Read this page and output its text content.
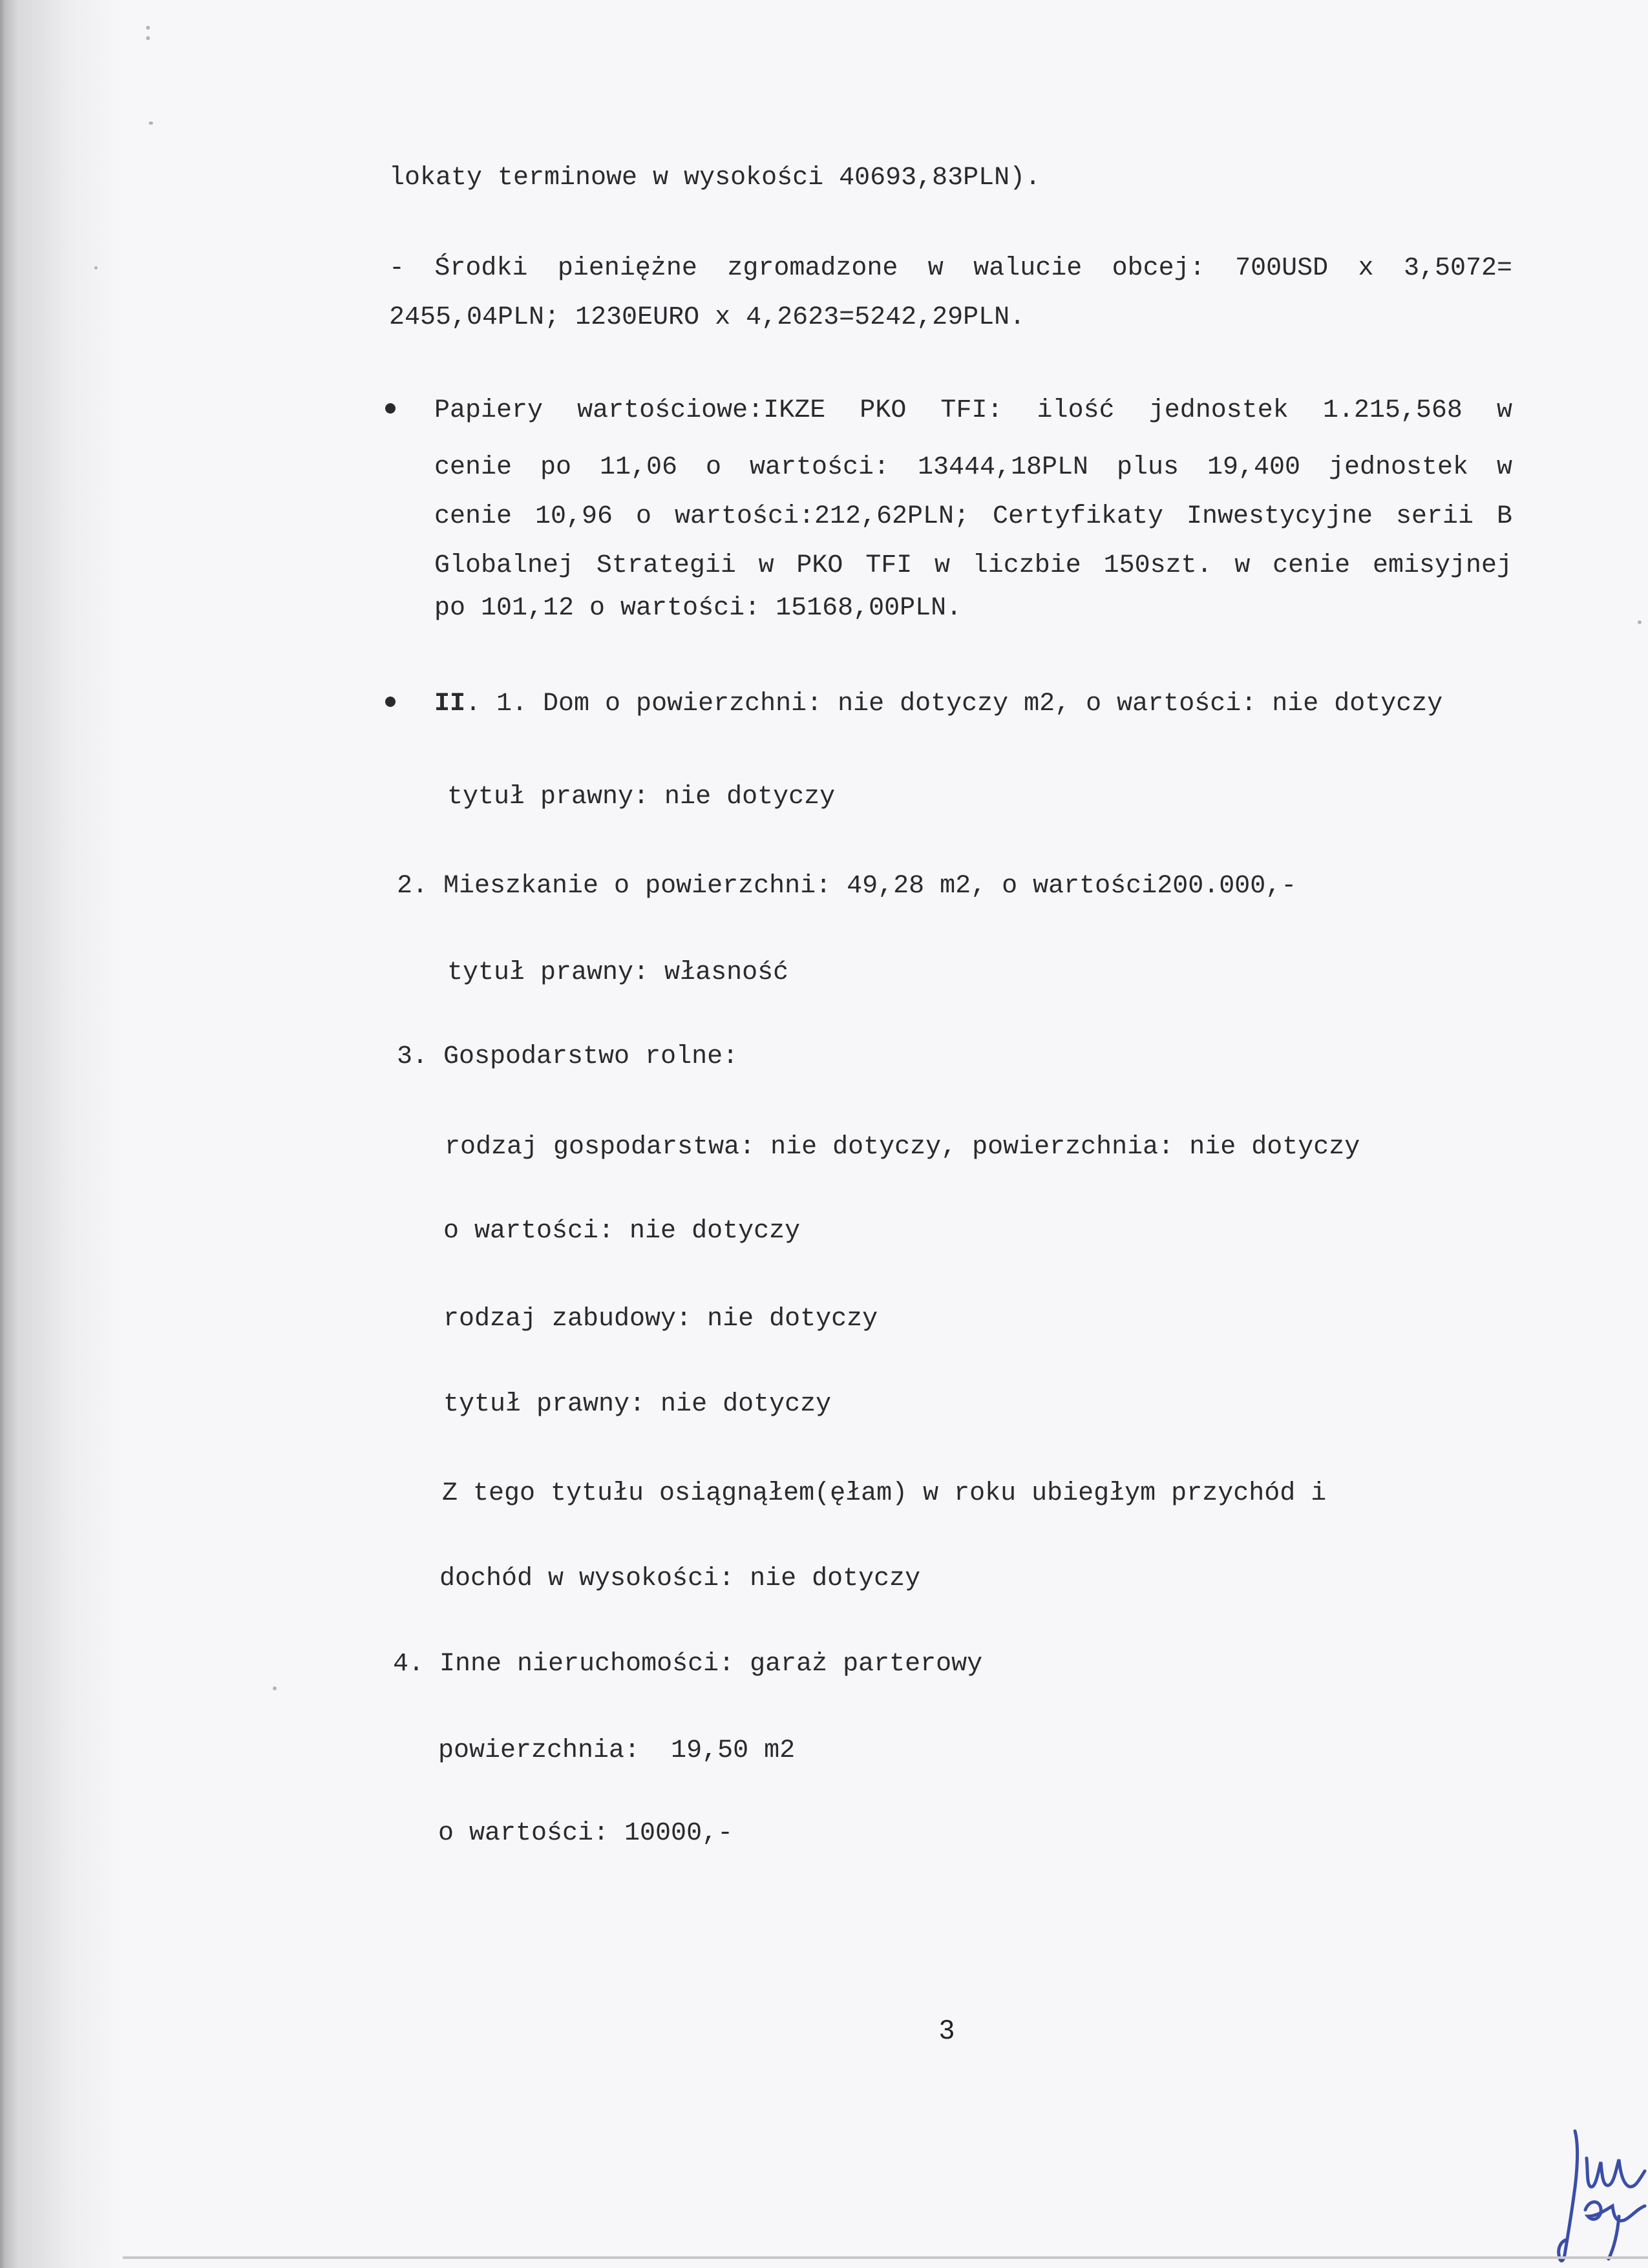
lokaty terminowe w wysokości 40693,83PLN).
- Środki pieniężne zgromadzone w walucie obcej: 700USD x 3,5072=
2455,04PLN; 1230EURO x 4,2623=5242,29PLN.
Papiery wartościowe:IKZE PKO TFI: ilość jednostek 1.215,568 w
cenie po 11,06 o wartości: 13444,18PLN plus 19,400 jednostek w
cenie 10,96 o wartości:212,62PLN; Certyfikaty Inwestycyjne serii B
Globalnej Strategii w PKO TFI w liczbie 150szt. w cenie emisyjnej
po 101,12 o wartości: 15168,00PLN.
II. 1. Dom o powierzchni: nie dotyczy m2, o wartości: nie dotyczy
tytuł prawny: nie dotyczy
2. Mieszkanie o powierzchni: 49,28 m2, o wartości200.000,-
tytuł prawny: własność
3. Gospodarstwo rolne:
rodzaj gospodarstwa: nie dotyczy, powierzchnia: nie dotyczy
o wartości: nie dotyczy
rodzaj zabudowy: nie dotyczy
tytuł prawny: nie dotyczy
Z tego tytułu osiągnąłem(ęłam) w roku ubiegłym przychód i
dochód w wysokości: nie dotyczy
4. Inne nieruchomości: garaż parterowy
powierzchnia:  19,50 m2
o wartości: 10000,-
3
